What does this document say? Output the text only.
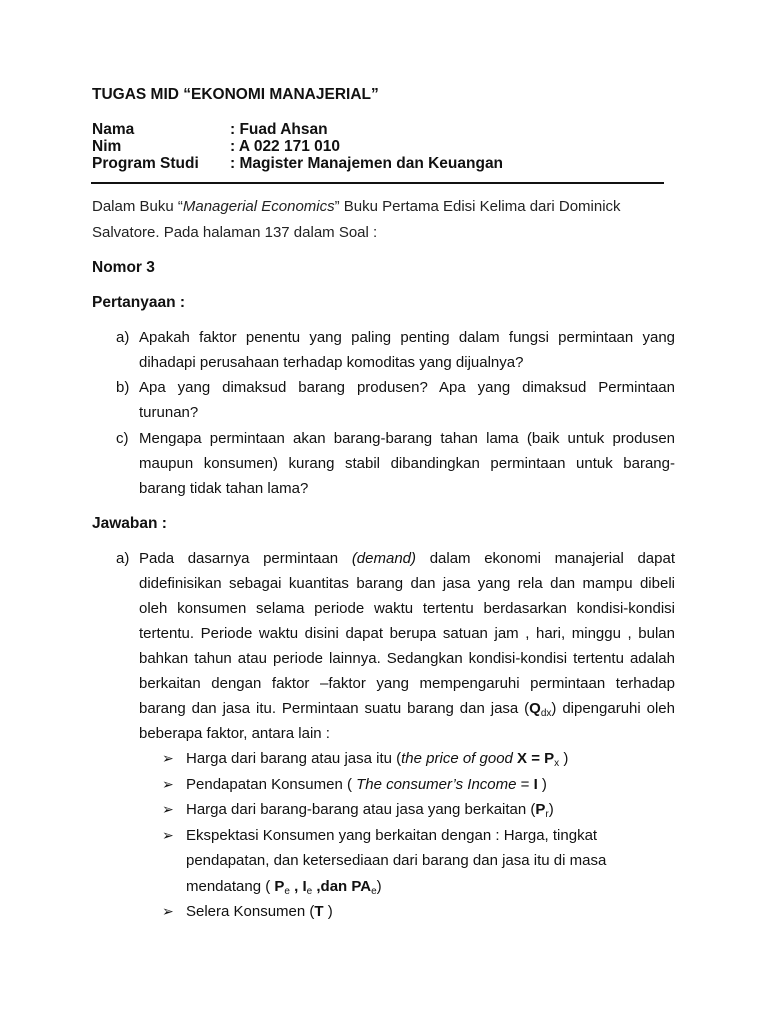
TUGAS MID “EKONOMI MANAJERIAL”
Nama	: Fuad Ahsan
Nim	: A 022 171 010
Program Studi : Magister Manajemen dan Keuangan
Dalam Buku “Managerial Economics” Buku Pertama Edisi Kelima dari Dominick
Salvatore. Pada halaman 137 dalam Soal :
Nomor 3
Pertanyaan :
a) Apakah faktor penentu yang paling penting dalam fungsi permintaan yang
dihadapi perusahaan terhadap komoditas yang dijualnya?
b) Apa yang dimaksud barang produsen? Apa yang dimaksud Permintaan
turunan?
c) Mengapa permintaan akan barang-barang tahan lama (baik untuk produsen
maupun konsumen) kurang stabil dibandingkan permintaan untuk barang-
barang tidak tahan lama?
Jawaban :
a) Pada dasarnya permintaan (demand) dalam ekonomi manajerial dapat
didefinisikan sebagai kuantitas barang dan jasa yang rela dan mampu dibeli
oleh konsumen selama periode waktu tertentu berdasarkan kondisi-kondisi
tertentu. Periode waktu disini dapat berupa satuan jam , hari, minggu , bulan
bahkan tahun atau periode lainnya. Sedangkan kondisi-kondisi tertentu adalah
berkaitan dengan faktor –faktor yang mempengaruhi permintaan terhadap
barang dan jasa itu. Permintaan suatu barang dan jasa $(Q_{dx})$ dipengaruhi oleh
beberapa faktor, antara lain :
➢ Harga dari barang atau jasa itu (the price of good $X = P_x$ )
➢ Pendapatan Konsumen ( The consumer’s Income = I )
➢ Harga dari barang-barang atau jasa yang berkaitan $(P_r)$
➢ Ekspektasi Konsumen yang berkaitan dengan : Harga, tingkat
pendapatan, dan ketersediaan dari barang dan jasa itu di masa
mendatang ( $P_e$ , $I_e$ ,dan $PA_e$)
➢ Selera Konsumen (T )
